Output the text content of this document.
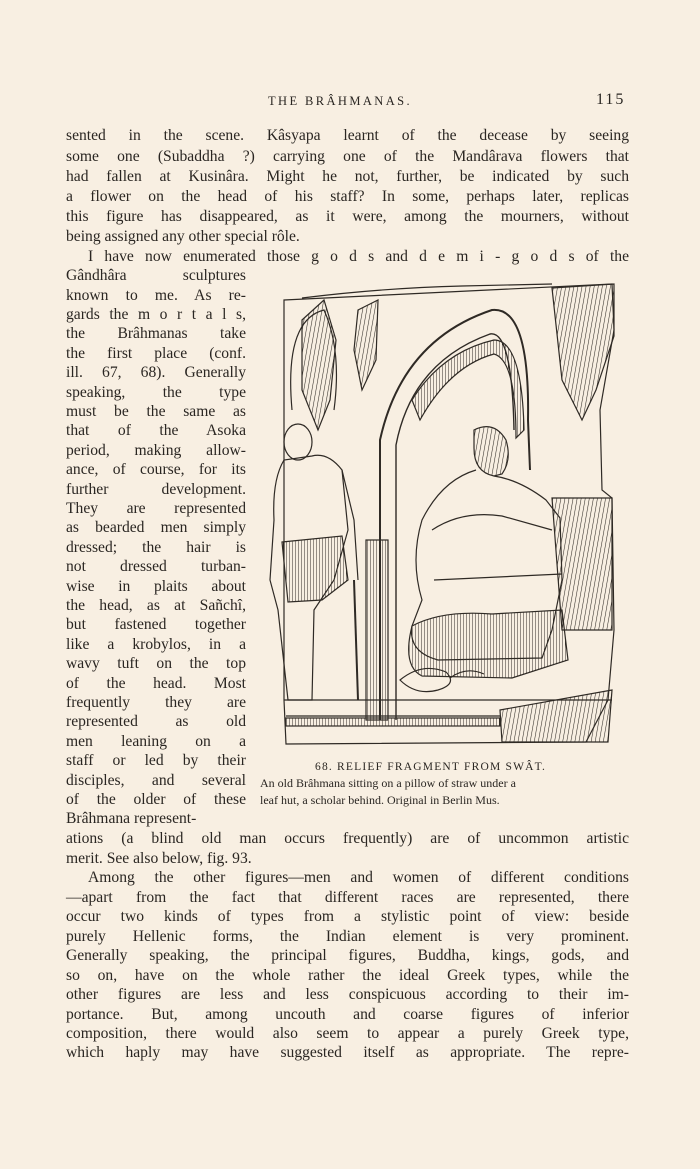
THE BRÂHMANAS.	115
sented in the scene. Kâsyapa learnt of the decease by seeing
some one (Subaddha ?) carrying one of the Mandârava flowers that
had fallen at Kusinâra. Might he not, further, be indicated by such
a flower on the head of his staff? In some, perhaps later, replicas
this figure has disappeared, as it were, among the mourners, without
being assigned any other special rôle.
I have now enumerated those g o d s and d e m i - g o d s of the
Gândhâra sculptures
known to me. As re-
gards the m o r t a l s,
the Brâhmanas take
the first place (conf.
ill. 67, 68). Generally
speaking, the type
must be the same as
that of the Asoka
period, making allow-
ance, of course, for its
further development.
They are represented
as bearded men simply
dressed; the hair is
not dressed turban-
wise in plaits about
the head, as at Sañchî,
but fastened together
like a krobylos, in a
wavy tuft on the top
of the head. Most
frequently they are
represented as old
men leaning on a
staff or led by their
disciples, and several
of the older of these
Brâhmana represent-
ations (a blind old man occurs frequently) are of uncommon artistic
merit. See also below, fig. 93.
Among the other figures—men and women of different conditions
—apart from the fact that different races are represented, there
occur two kinds of types from a stylistic point of view: beside
purely Hellenic forms, the Indian element is very prominent.
Generally speaking, the principal figures, Buddha, kings, gods, and
so on, have on the whole rather the ideal Greek types, while the
other figures are less and less conspicuous according to their im-
portance. But, among uncouth and coarse figures of inferior
composition, there would also seem to appear a purely Greek type,
which haply may have suggested itself as appropriate. The repre-
68. RELIEF FRAGMENT FROM SWÂT.
An old Brâhmana sitting on a pillow of straw under a
leaf hut, a scholar behind. Original in Berlin Mus.
